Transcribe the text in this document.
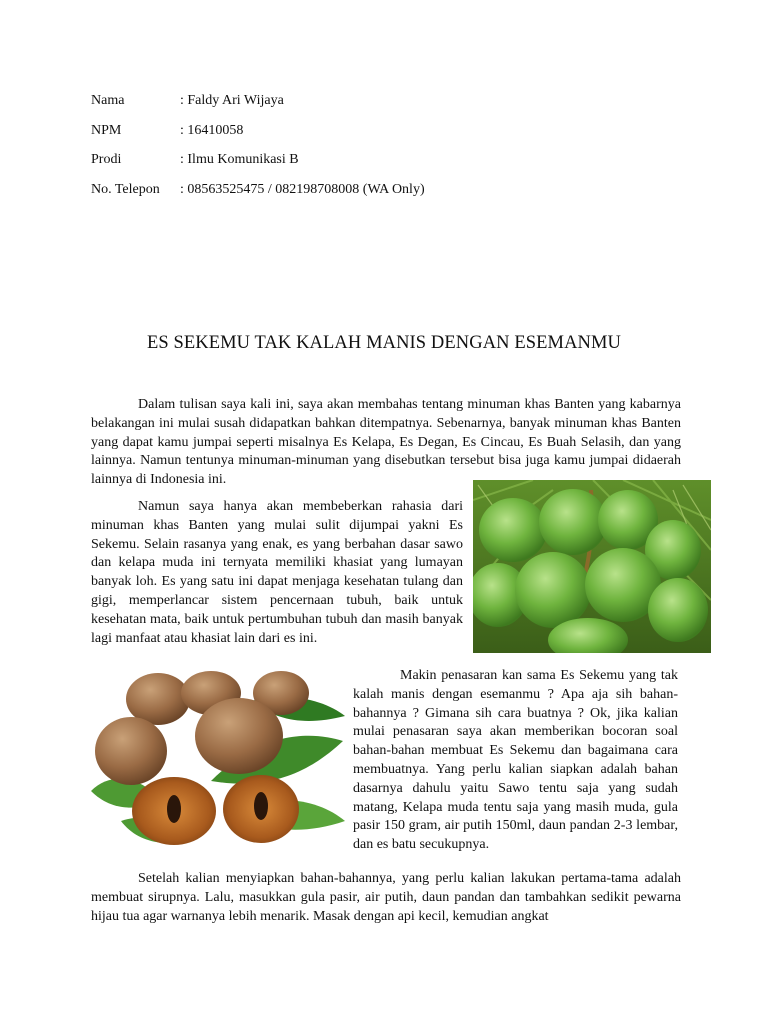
Nama	: Faldy Ari Wijaya
NPM	: 16410058
Prodi	: Ilmu Komunikasi B
No. Telepon : 08563525475 / 082198708008 (WA Only)
ES SEKEMU TAK KALAH MANIS DENGAN ESEMANMU

Dalam tulisan saya kali ini, saya akan membahas tentang minuman khas Banten yang kabarnya belakangan ini mulai susah didapatkan bahkan ditempatnya. Sebenarnya, banyak minuman khas Banten yang dapat kamu jumpai seperti misalnya Es Kelapa, Es Degan, Es Cincau, Es Buah Selasih, dan yang lainnya. Namun tentunya minuman-minuman yang disebutkan tersebut bisa juga kamu jumpai didaerah lainnya di Indonesia ini.

Namun saya hanya akan membeberkan rahasia dari minuman khas Banten yang mulai sulit dijumpai yakni Es Sekemu. Selain rasanya yang enak, es yang berbahan dasar sawo dan kelapa muda ini ternyata memiliki khasiat yang lumayan banyak loh. Es yang satu ini dapat menjaga kesehatan tulang dan gigi, memperlancar sistem pencernaan tubuh, baik untuk kesehatan mata, baik untuk pertumbuhan tubuh dan masih banyak lagi manfaat atau khasiat lain dari es ini.

Makin penasaran kan sama Es Sekemu yang tak kalah manis dengan esemanmu ? Apa aja sih bahan-bahannya ? Gimana sih cara buatnya ? Ok, jika kalian mulai penasaran saya akan memberikan bocoran soal bahan-bahan membuat Es Sekemu dan bagaimana cara membuatnya. Yang perlu kalian siapkan adalah bahan dasarnya dahulu yaitu Sawo tentu saja yang sudah matang, Kelapa muda tentu saja yang masih muda, gula pasir 150 gram, air putih 150ml, daun pandan 2-3 lembar, dan es batu secukupnya.

Setelah kalian menyiapkan bahan-bahannya, yang perlu kalian lakukan pertama-tama adalah membuat sirupnya. Lalu, masukkan gula pasir, air putih, daun pandan dan tambahkan sedikit pewarna hijau tua agar warnanya lebih menarik. Masak dengan api kecil, kemudian angkat
